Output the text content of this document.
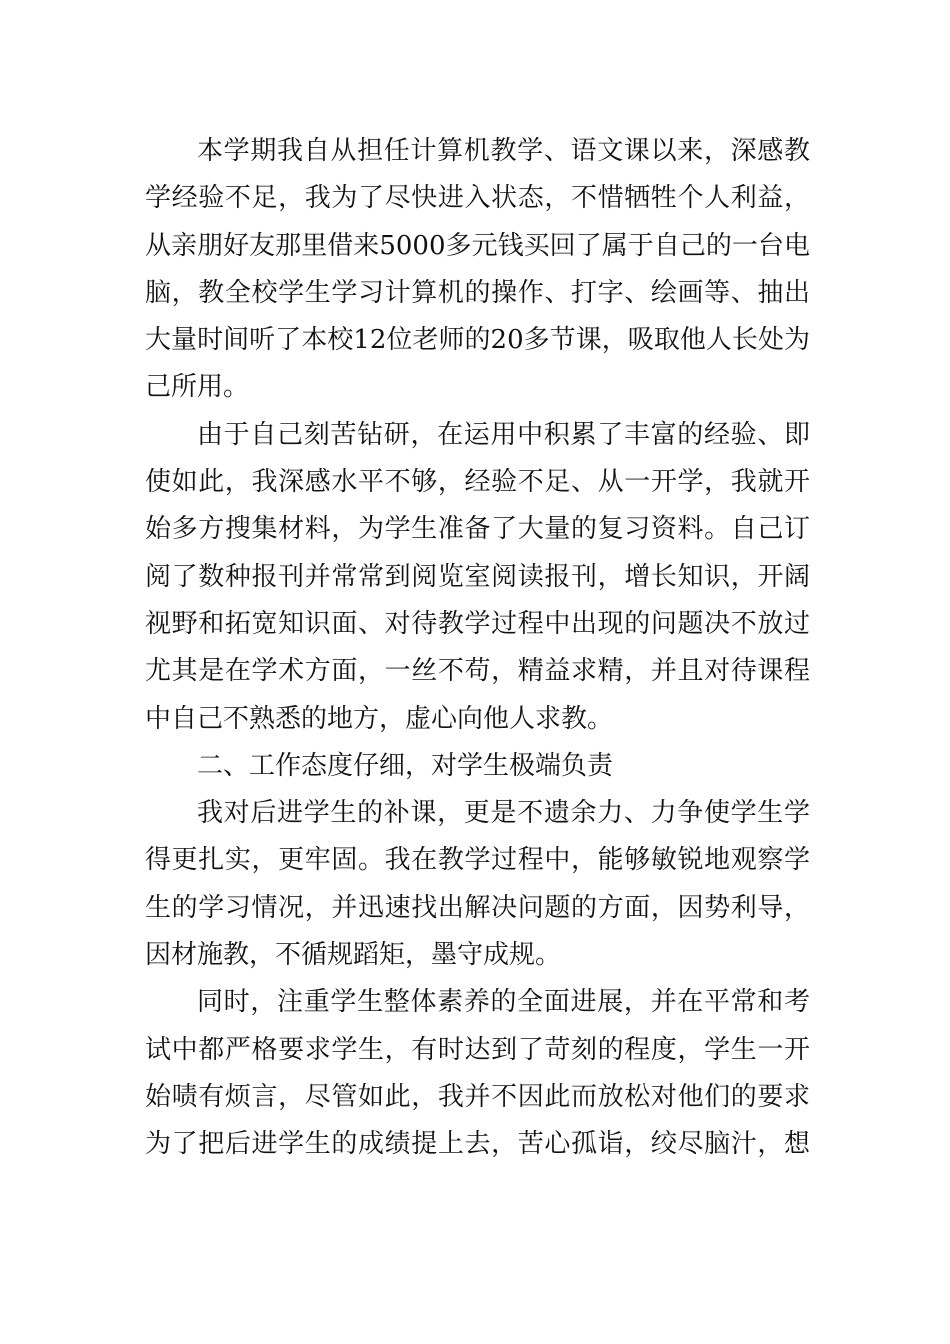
本学期我自从担任计算机教学、语文课以来，深感教
学经验不足，我为了尽快进入状态，不惜牺牲个人利益，
从亲朋好友那里借来5000多元钱买回了属于自己的一台电
脑，教全校学生学习计算机的操作、打字、绘画等、抽出
大量时间听了本校12位老师的20多节课，吸取他人长处为
己所用。
由于自己刻苦钻研，在运用中积累了丰富的经验、即
使如此，我深感水平不够，经验不足、从一开学，我就开
始多方搜集材料，为学生准备了大量的复习资料。自己订
阅了数种报刊并常常到阅览室阅读报刊，增长知识，开阔
视野和拓宽知识面、对待教学过程中出现的问题决不放过
尤其是在学术方面，一丝不苟，精益求精，并且对待课程
中自己不熟悉的地方，虚心向他人求教。
二、工作态度仔细，对学生极端负责
我对后进学生的补课，更是不遗余力、力争使学生学
得更扎实，更牢固。我在教学过程中，能够敏锐地观察学
生的学习情况，并迅速找出解决问题的方面，因势利导，
因材施教，不循规蹈矩，墨守成规。
同时，注重学生整体素养的全面进展，并在平常和考
试中都严格要求学生，有时达到了苛刻的程度，学生一开
始啧有烦言，尽管如此，我并不因此而放松对他们的要求
为了把后进学生的成绩提上去，苦心孤诣，绞尽脑汁，想
